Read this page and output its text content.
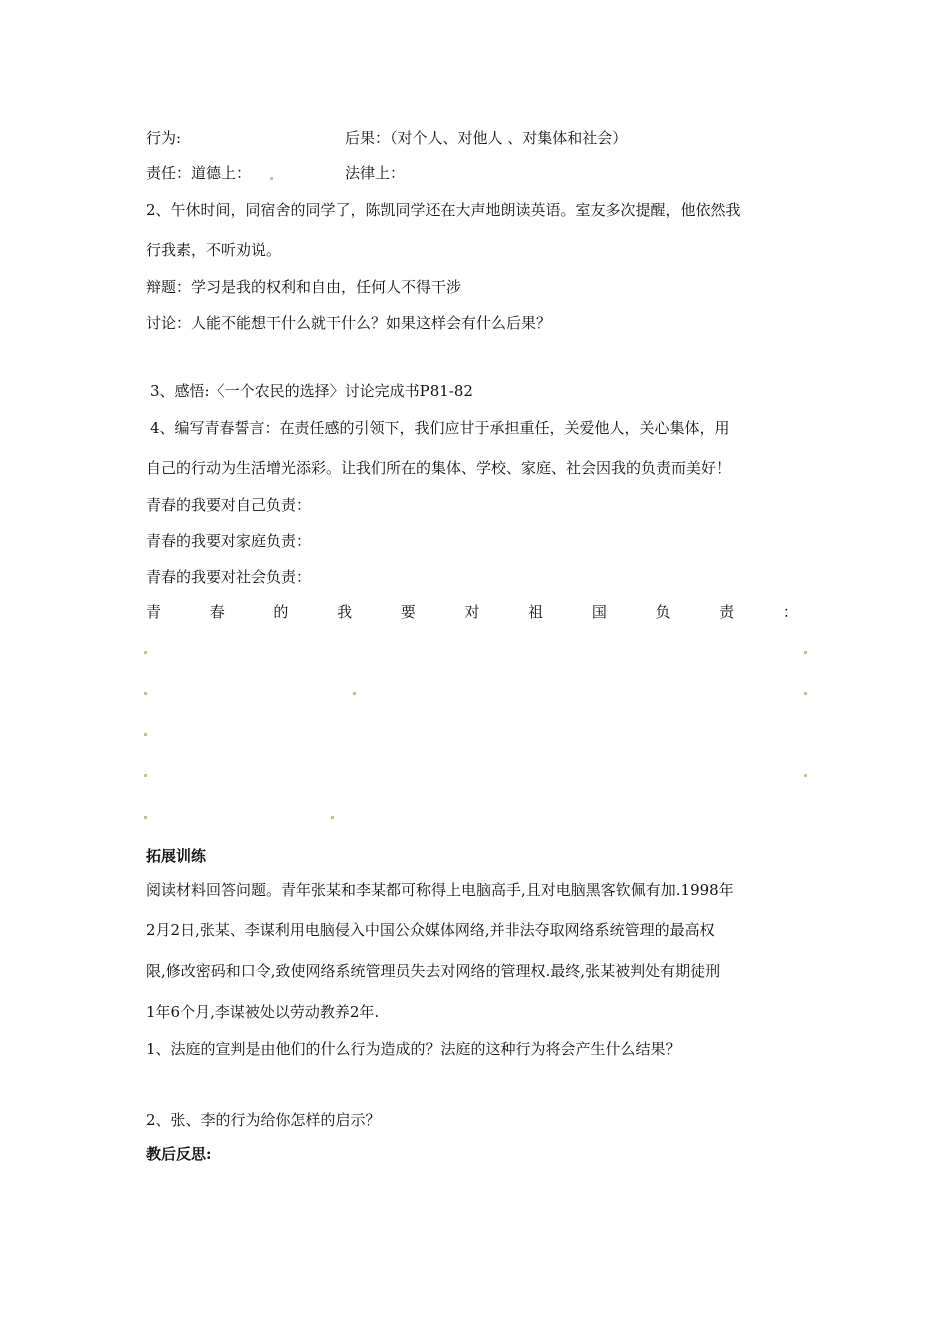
行为:	后果：（对个人、对他人 、对集体和社会）
责任：道德上：	法律上：
2、午休时间，同宿舍的同学了，陈凯同学还在大声地朗读英语。室友多次提醒，他依然我
行我素，不听劝说。
辩题：学习是我的权利和自由，任何人不得干涉
讨论：人能不能想干什么就干什么？如果这样会有什么后果？
3、感悟:〈一个农民的选择〉讨论完成书P81-82
4、编写青春誓言：在责任感的引领下，我们应甘于承担重任，关爱他人，关心集体，用
自己的行动为生活增光添彩。让我们所在的集体、学校、家庭、社会因我的负责而美好！
青春的我要对自己负责：
青春的我要对家庭负责：
青春的我要对社会负责：
青	春	的	我	要	对	祖	国	负	责	：
拓展训练
阅读材料回答问题。青年张某和李某都可称得上电脑高手,且对电脑黑客钦佩有加.1998年
2月2日,张某、李谋利用电脑侵入中国公众媒体网络,并非法夺取网络系统管理的最高权
限,修改密码和口令,致使网络系统管理员失去对网络的管理权.最终,张某被判处有期徒刑
1年6个月,李谋被处以劳动教养2年.
1、法庭的宣判是由他们的什么行为造成的？法庭的这种行为将会产生什么结果？
2、张、李的行为给你怎样的启示？
教后反思:
